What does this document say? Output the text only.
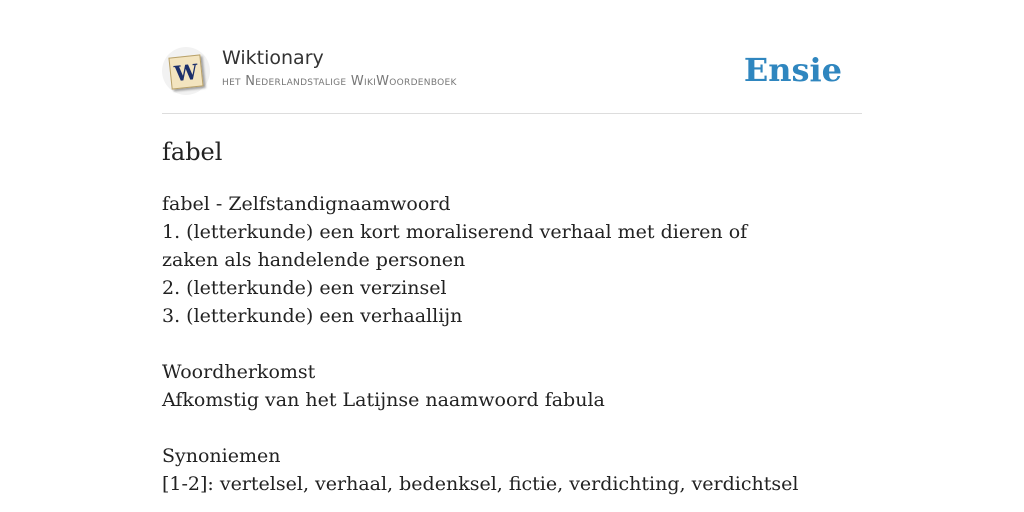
W
Wiktionary
het Nederlandstalige WikiWoordenboek	Ensie
fabel
fabel - Zelfstandignaamwoord
1. (letterkunde) een kort moraliserend verhaal met dieren of zaken als handelende personen
2. (letterkunde) een verzinsel
3. (letterkunde) een verhaallijn
Woordherkomst
Afkomstig van het Latijnse naamwoord fabula
Synoniemen
[1-2]: vertelsel, verhaal, bedenksel, fictie, verdichting, verdichtsel
